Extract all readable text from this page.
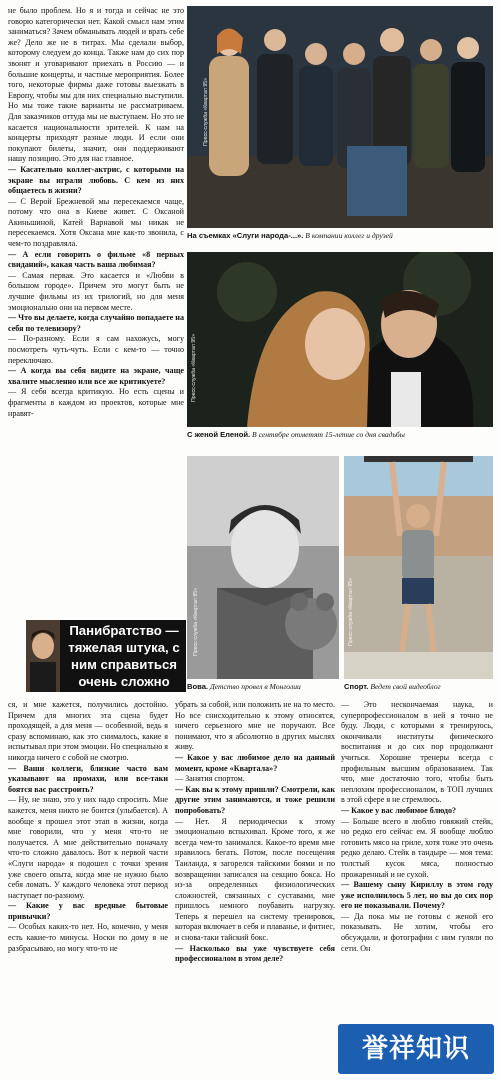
не было проблем. Но я и тогда и сейчас не это говорю категорически нет. Какой смысл нам этим заниматься? Зачем обманывать людей и врать себе же? Дело же не в титрах. Мы сделали выбор, которому следуем до конца. Также нам до сих пор звонят и уговаривают приехать в Россию — и большие концерты, и частные мероприятия. Более того, некоторые фирмы даже готовы выезжать в Европу, чтобы мы для них специально выступили. Но мы тоже такие варианты не рассматриваем. Для заказчиков оттуда мы не выступаем. Но это не касается национальности зрителей. К нам на концерты приходят разные люди. И если они покупают билеты, значит, они поддерживают нашу позицию. Это для нас главное.

— Касательно коллег-актрис, с которыми на экране вы играли любовь. С кем из них общаетесь в жизни?

— С Верой Брежневой мы пересекаемся чаще, потому что она в Киеве живет. С Оксаной Акиньшиной, Катей Варнавой мы никак не пересекаемся. Хотя Оксана мне как-то звонила, с чем-то поздравляла.

— А если говорить о фильме «8 первых свиданий», какая часть ваша любимая?

— Самая первая. Это касается и «Любви в большом городе». Причем это могут быть не лучшие фильмы из их трилогий, но для меня эмоционально они на первом месте.

— Что вы делаете, когда случайно попадаете на себя по телевизору?

— По-разному. Если я сам нахожусь, могу посмотреть чуть-чуть. Если с кем-то — точно переключаю.

— А когда вы себя видите на экране, чаще хвалите мысленно или все же критикуете?

— Я себя всегда критикую. Но есть сцены и фрагменты в каждом из проектов, которые мне нравят-

Пресс-служба «Квартал 95»
На съемках «Слуги народа-...». В компании коллег и друзей
Пресс-служба «Квартал 95»
С женой Еленой. В сентябре отметят 15-летие со дня свадьбы
Пресс-служба «Квартал 95»
Вова. Детство провел в Монголии
Пресс-служба «Квартал 95»
Спорт. Ведет свой видеоблог
Панибратство — тяжелая штука, с ним справиться очень сложно

ся, и мне кажется, получились достойно. Причем для многих эта сцена будет проходящей, а для меня — особенной, ведь я сразу вспоминаю, как это снималось, какие я испытывал при этом эмоции. Но специально я никогда ничего с собой не смотрю.

— Ваши коллеги, близкие часто вам указывают на промахи, или все-таки боятся вас расстроить?

— Ну, не знаю, это у них надо спросить. Мне кажется, меня никто не боится (улыбается). А вообще я прошел этот этап в жизни, когда мне говорили, что у меня что-то не получается. А мне действительно поначалу что-то сложно давалось. Вот к первой части «Слуги народа» я подошел с точки зрения уже своего опыта, когда мне не нужно было себя ломать. У каждого человека этот период наступает по-разному.

— Какие у вас вредные бытовые привычки?

— Особых каких-то нет. Но, конечно, у меня есть какие-то минусы. Носки по дому я не разбрасываю, но могу что-то не

убрать за собой, или положить не на то место. Но все снисходительно к этому относятся, ничего серьезного мне не поручают. Все понимают, что я абсолютно в других мыслях живу.

— Какое у вас любимое дело на данный момент, кроме «Квартала»?

— Занятия спортом.

— Как вы к этому пришли? Смотрели, как другие этим занимаются, и тоже решили попробовать?

— Нет. Я периодически к этому эмоционально вспыхивал. Кроме того, я же всегда чем-то занимался. Какое-то время мне нравилось бегать. Потом, после посещения Таиланда, я загорелся тайскими боями и по возвращении записался на секцию бокса. Но из-за определенных физиологических сложностей, связанных с суставами, мне пришлось немного поубавить нагрузку. Теперь я перешел на систему тренировок, которая включает в себя и плаванье, и фитнес, и снова-таки тайский бокс.

— Насколько вы уже чувствуете себя профессионалом в этом деле?

— Это нескончаемая наука, и суперпрофессионалом в ней я точно не буду. Люди, с которыми я тренируюсь, окончивали институты физического воспитания и до сих пор продолжают учиться. Хорошие тренеры всегда с профильным высшим образованием. Так что, мне достаточно того, чтобы быть неплохим профессионалом, в ТОП лучших в этой сфере я не стремлюсь.

— Какое у вас любимое блюдо?

— Больше всего я люблю говяжий стейк, но редко его сейчас ем. Я вообще люблю готовить мясо на гриле, хотя тоже это очень редко делаю. Стейк в тандыре — моя тема: толстый кусок мяса, полностью прожаренный и не сухой.

— Вашему сыну Кириллу в этом году уже исполнилось 5 лет, но вы до сих пор его не показывали. Почему?

— Да пока мы не готовы с женой его показывать. Не хотим, чтобы его обсуждали, и фотографии с ним гуляли по сети. Он

誉祥知识
